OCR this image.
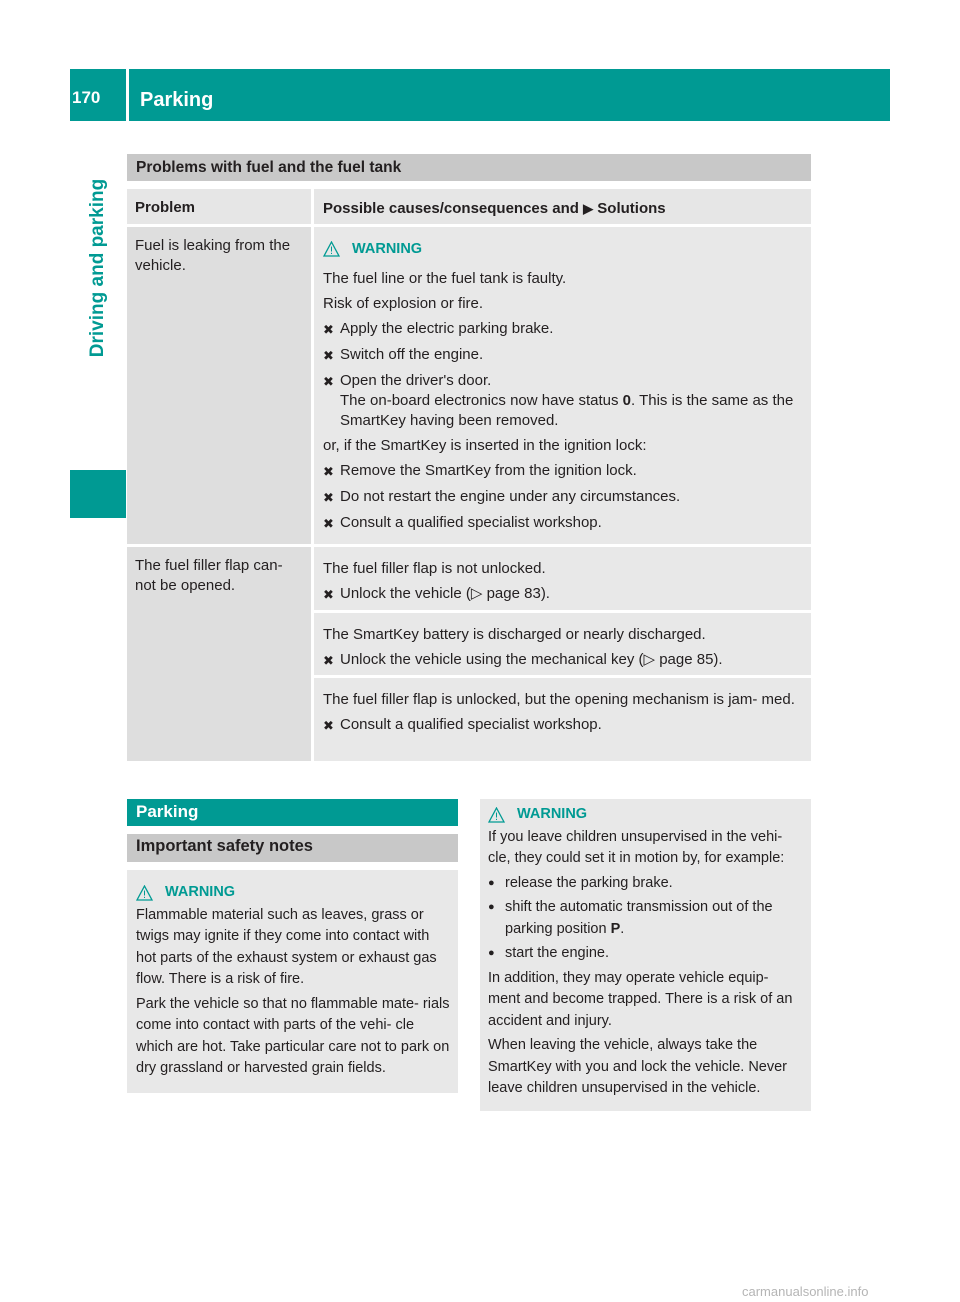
170 Parking
Driving and parking
Problems with fuel and the fuel tank
Problem	Possible causes/consequences and ▶ Solutions
Fuel is leaking from the vehicle.
WARNING
The fuel line or the fuel tank is faulty.
Risk of explosion or fire.
✖ Apply the electric parking brake.
✖ Switch off the engine.
✖ Open the driver's door.
The on-board electronics now have status 0. This is the same as the SmartKey having been removed.
or, if the SmartKey is inserted in the ignition lock:
✖ Remove the SmartKey from the ignition lock.
✖ Do not restart the engine under any circumstances.
✖ Consult a qualified specialist workshop.
The fuel filler flap can- not be opened.
The fuel filler flap is not unlocked.
✖ Unlock the vehicle (▷ page 83).
The SmartKey battery is discharged or nearly discharged.
✖ Unlock the vehicle using the mechanical key (▷ page 85).
The fuel filler flap is unlocked, but the opening mechanism is jam- med.
✖ Consult a qualified specialist workshop.
Parking
Important safety notes
WARNING
Flammable material such as leaves, grass or twigs may ignite if they come into contact with hot parts of the exhaust system or exhaust gas flow. There is a risk of fire.
Park the vehicle so that no flammable mate- rials come into contact with parts of the vehi- cle which are hot. Take particular care not to park on dry grassland or harvested grain fields.
WARNING
If you leave children unsupervised in the vehi- cle, they could set it in motion by, for example:
● release the parking brake.
● shift the automatic transmission out of the parking position P.
● start the engine.
In addition, they may operate vehicle equip- ment and become trapped. There is a risk of an accident and injury.
When leaving the vehicle, always take the SmartKey with you and lock the vehicle. Never leave children unsupervised in the vehicle.
carmanualsonline.info
